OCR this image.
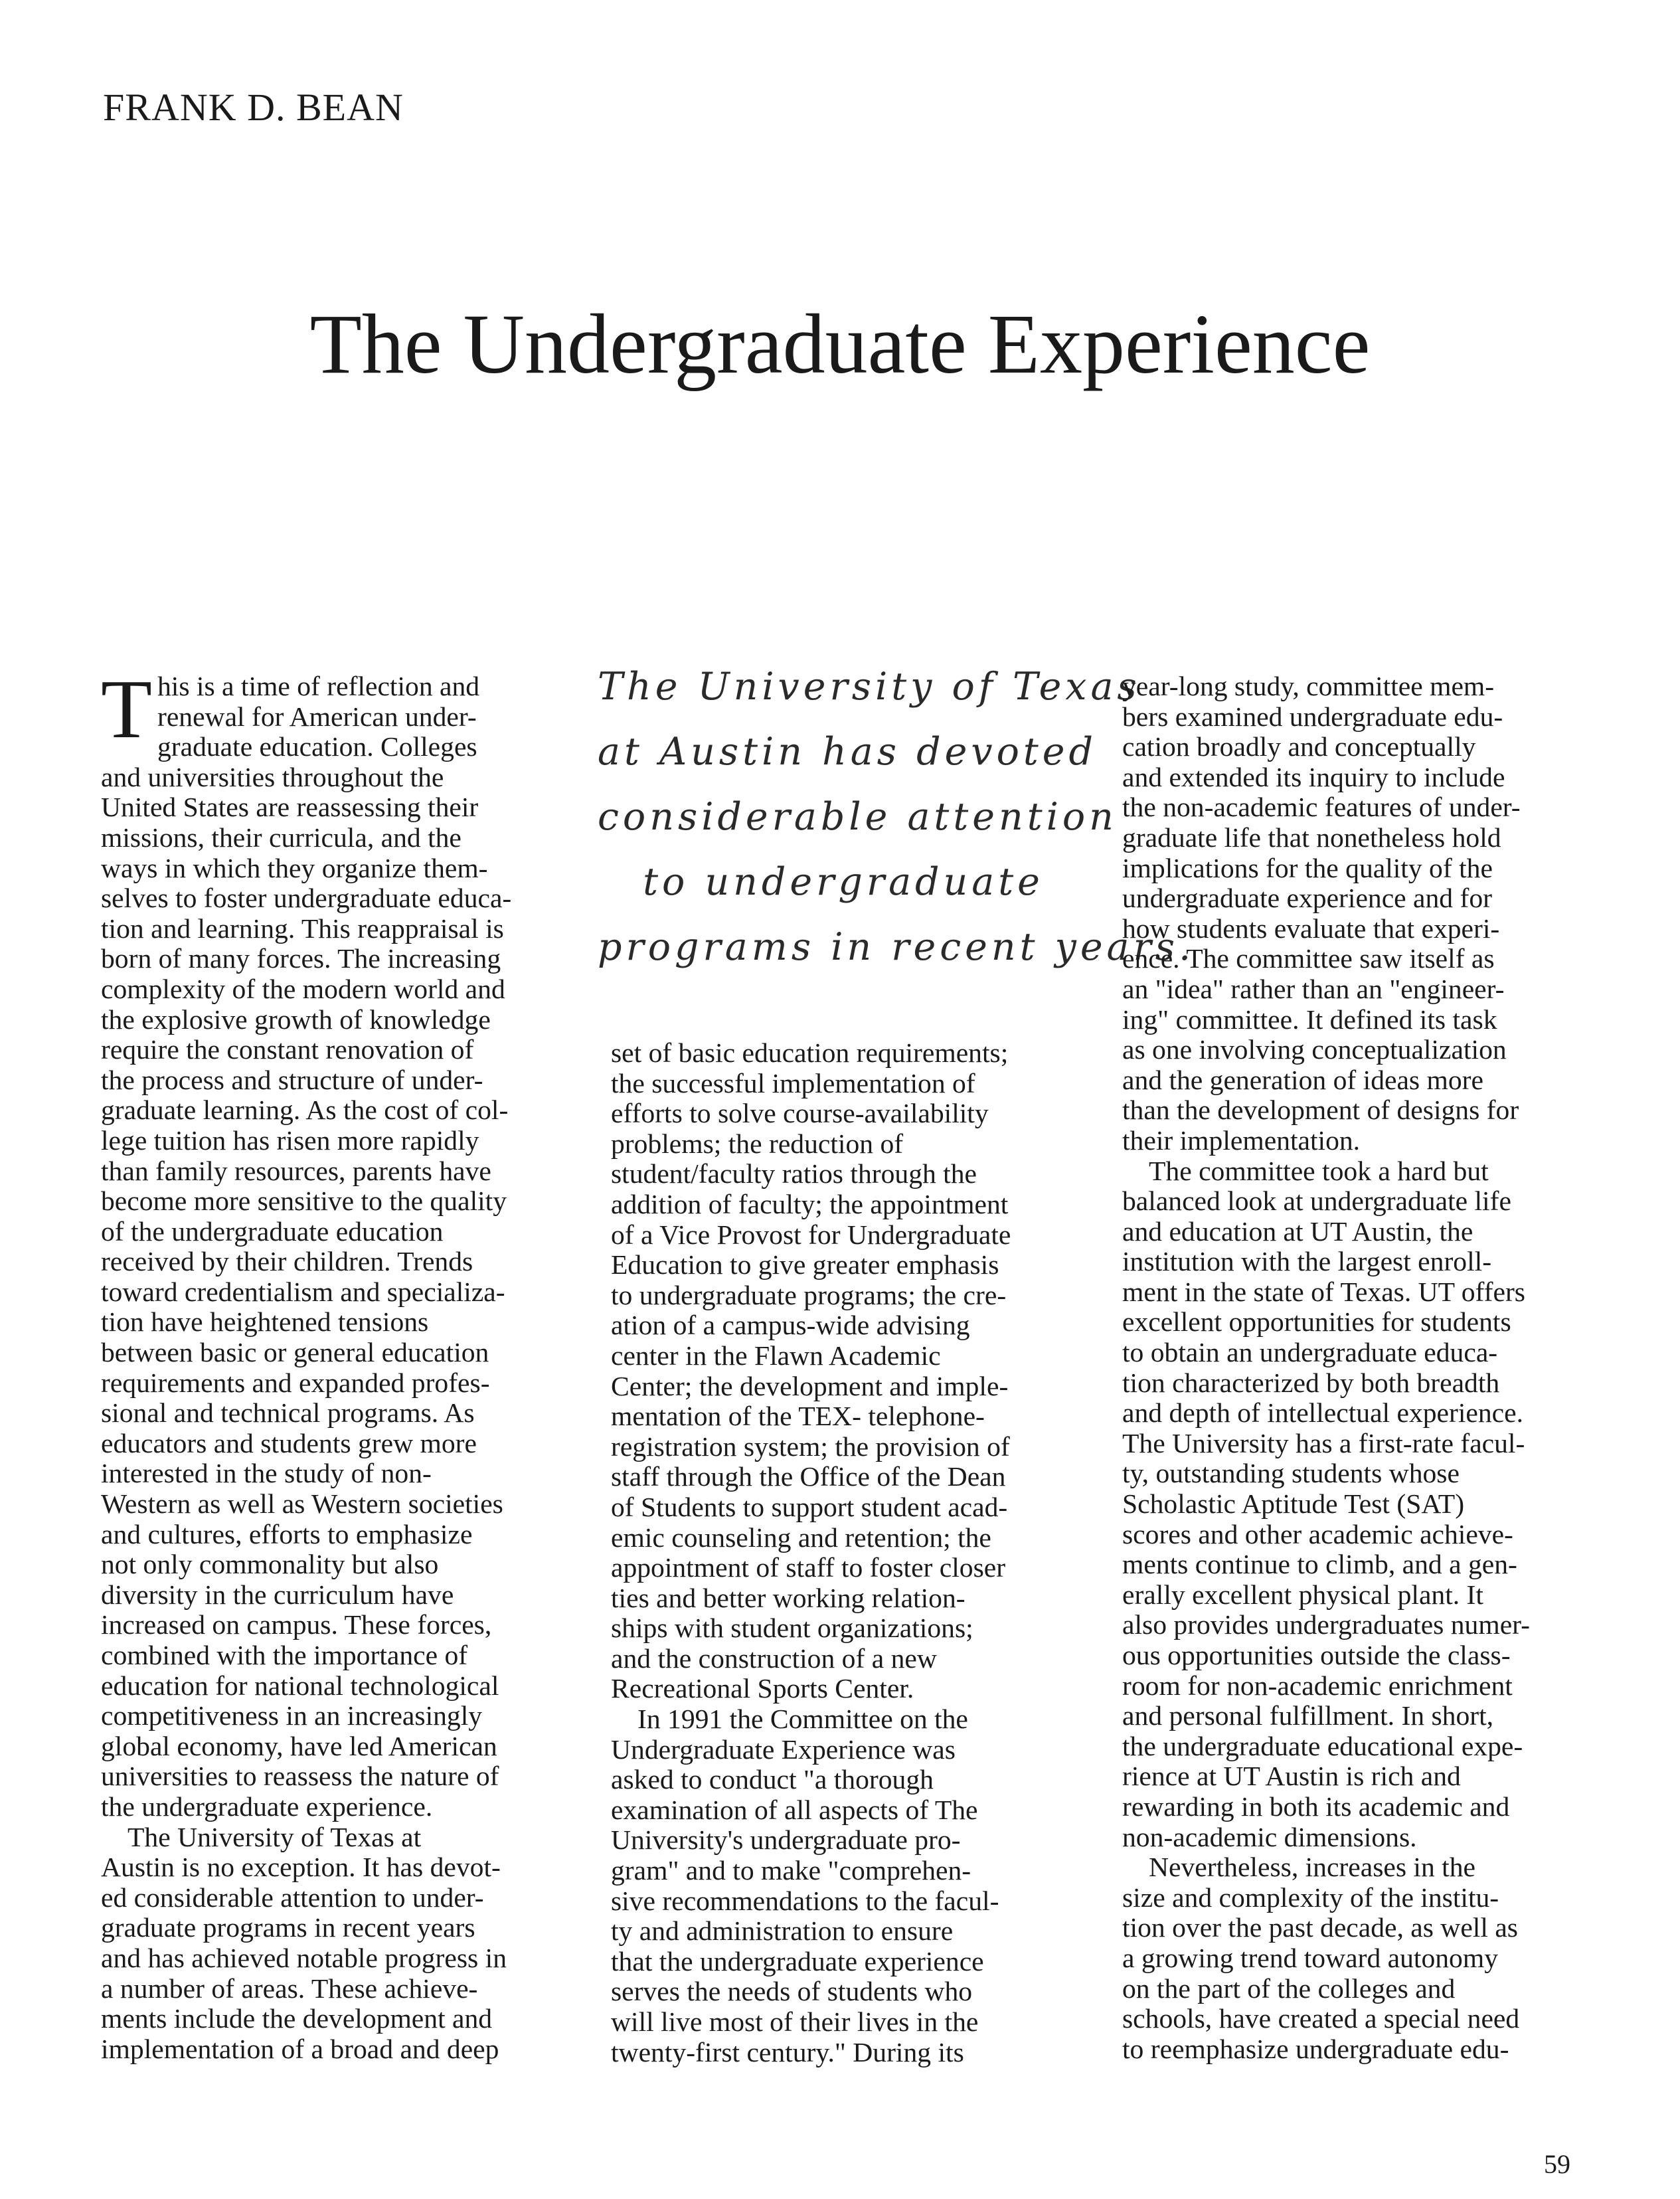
FRANK D. BEAN
The Undergraduate Experience
T his is a time of reflection and

renewal for American under-

graduate education. Colleges

and universities throughout the

United States are reassessing their

missions, their curricula, and the

ways in which they organize them-

selves to foster undergraduate educa-

tion and learning. This reappraisal is

born of many forces. The increasing

complexity of the modern world and

the explosive growth of knowledge

require the constant renovation of

the process and structure of under-

graduate learning. As the cost of col-

lege tuition has risen more rapidly

than family resources, parents have

become more sensitive to the quality

of the undergraduate education

received by their children. Trends

toward credentialism and specializa-

tion have heightened tensions

between basic or general education

requirements and expanded profes-

sional and technical programs. As

educators and students grew more

interested in the study of non-

Western as well as Western societies

and cultures, efforts to emphasize

not only commonality but also

diversity in the curriculum have

increased on campus. These forces,

combined with the importance of

education for national technological

competitiveness in an increasingly

global economy, have led American

universities to reassess the nature of

the undergraduate experience.

The University of Texas at

Austin is no exception. It has devot-

ed considerable attention to under-

graduate programs in recent years

and has achieved notable progress in

a number of areas. These achieve-

ments include the development and

implementation of a broad and deep

The University of Texas
at Austin has devoted
considerable attention
to undergraduate
programs in recent years.

set of basic education requirements;

the successful implementation of

efforts to solve course-availability

problems; the reduction of

student/faculty ratios through the

addition of faculty; the appointment

of a Vice Provost for Undergraduate

Education to give greater emphasis

to undergraduate programs; the cre-

ation of a campus-wide advising

center in the Flawn Academic

Center; the development and imple-

mentation of the TEX- telephone-

registration system; the provision of

staff through the Office of the Dean

of Students to support student acad-

emic counseling and retention; the

appointment of staff to foster closer

ties and better working relation-

ships with student organizations;

and the construction of a new

Recreational Sports Center.

In 1991 the Committee on the

Undergraduate Experience was

asked to conduct "a thorough

examination of all aspects of The

University's undergraduate pro-

gram" and to make "comprehen-

sive recommendations to the facul-

ty and administration to ensure

that the undergraduate experience

serves the needs of students who

will live most of their lives in the

twenty-first century." During its

year-long study, committee mem-

bers examined undergraduate edu-

cation broadly and conceptually

and extended its inquiry to include

the non-academic features of under-

graduate life that nonetheless hold

implications for the quality of the

undergraduate experience and for

how students evaluate that experi-

ence. The committee saw itself as

an "idea" rather than an "engineer-

ing" committee. It defined its task

as one involving conceptualization

and the generation of ideas more

than the development of designs for

their implementation.

The committee took a hard but

balanced look at undergraduate life

and education at UT Austin, the

institution with the largest enroll-

ment in the state of Texas. UT offers

excellent opportunities for students

to obtain an undergraduate educa-

tion characterized by both breadth

and depth of intellectual experience.

The University has a first-rate facul-

ty, outstanding students whose

Scholastic Aptitude Test (SAT)

scores and other academic achieve-

ments continue to climb, and a gen-

erally excellent physical plant. It

also provides undergraduates numer-

ous opportunities outside the class-

room for non-academic enrichment

and personal fulfillment. In short,

the undergraduate educational expe-

rience at UT Austin is rich and

rewarding in both its academic and

non-academic dimensions.

Nevertheless, increases in the

size and complexity of the institu-

tion over the past decade, as well as

a growing trend toward autonomy

on the part of the colleges and

schools, have created a special need

to reemphasize undergraduate edu-

59
